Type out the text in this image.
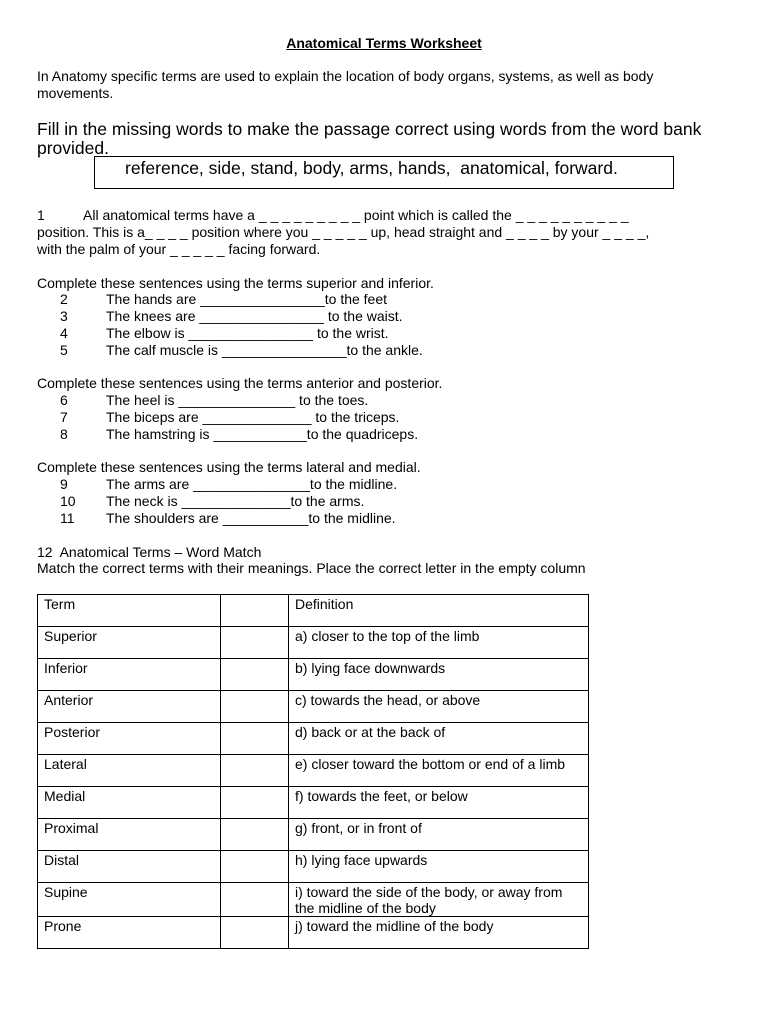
Anatomical Terms Worksheet
In Anatomy specific terms are used to explain the location of body organs, systems, as well as body
movements.
Fill in the missing words to make the passage correct using words from the word bank
provided.
reference, side, stand, body, arms, hands,  anatomical, forward.
1	All anatomical terms have a _ _ _ _ _ _ _ _ _ point which is called the _ _ _ _ _ _ _ _ _ _
position. This is a_ _ _ _ position where you _ _ _ _ _ up, head straight and _ _ _ _ by your _ _ _ _,
with the palm of your _ _ _ _ _ facing forward.
Complete these sentences using the terms superior and inferior.
2	The hands are ________________to the feet
3	The knees are ________________ to the waist.
4	The elbow is ________________ to the wrist.
5	The calf muscle is ________________to the ankle.
Complete these sentences using the terms anterior and posterior.
6	The heel is _______________ to the toes.
7	The biceps are ______________ to the triceps.
8	The hamstring is ____________to the quadriceps.
Complete these sentences using the terms lateral and medial.
9	The arms are _______________to the midline.
10 The neck is ______________to the arms.
11 The shoulders are ___________to the midline.
12  Anatomical Terms – Word Match
Match the correct terms with their meanings. Place the correct letter in the empty column
Term		Definition
Superior		a) closer to the top of the limb
Inferior		b) lying face downwards
Anterior		c) towards the head, or above
Posterior		d) back or at the back of
Lateral		e) closer toward the bottom or end of a limb
Medial		f) towards the feet, or below
Proximal		g) front, or in front of
Distal		h) lying face upwards
Supine		i) toward the side of the body, or away from the midline of the body
Prone		j) toward the midline of the body
